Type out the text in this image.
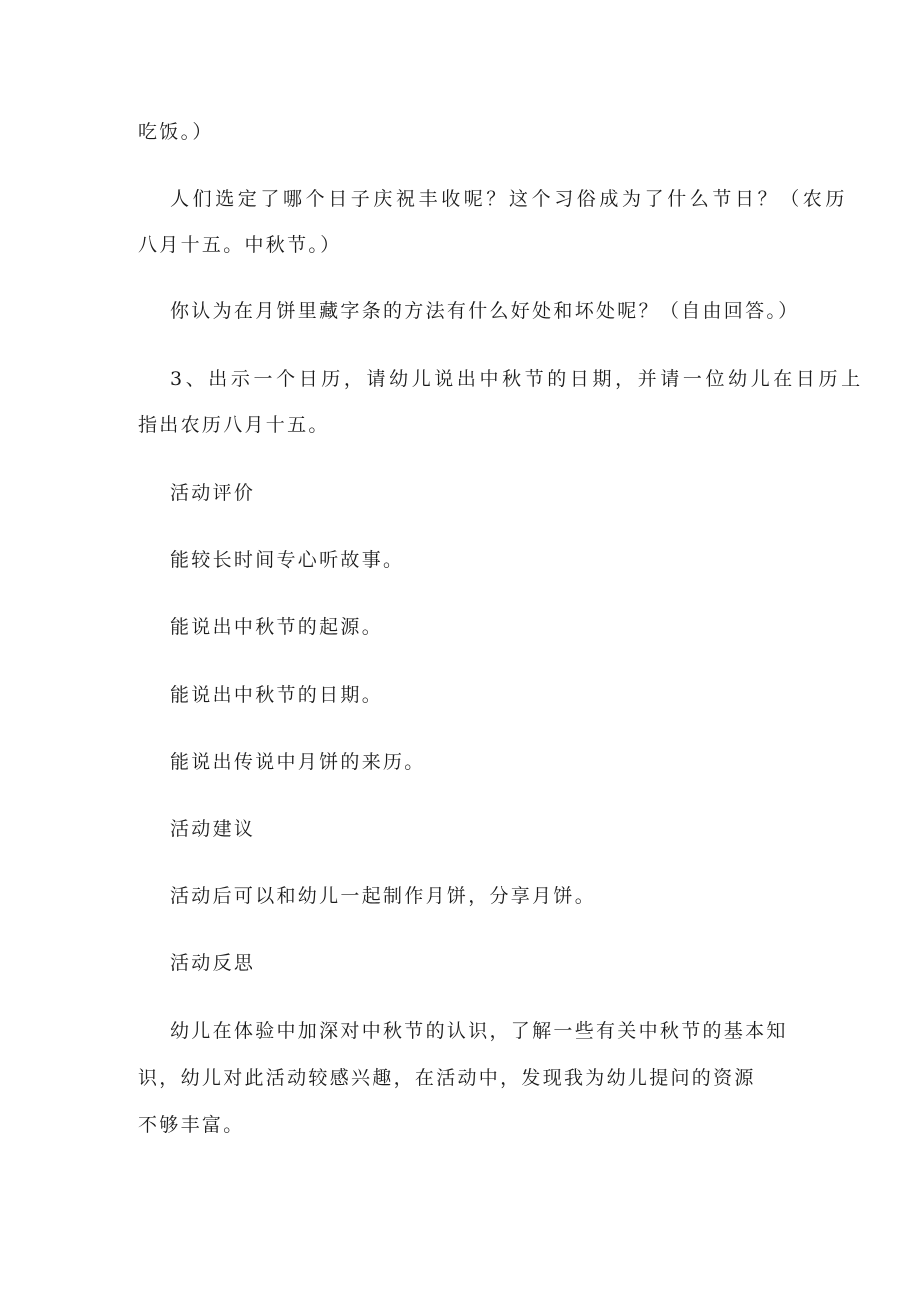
吃饭。）
人们选定了哪个日子庆祝丰收呢？这个习俗成为了什么节日？（农历
八月十五。中秋节。）
你认为在月饼里藏字条的方法有什么好处和坏处呢？（自由回答。）
3、出示一个日历，请幼儿说出中秋节的日期，并请一位幼儿在日历上
指出农历八月十五。
活动评价
能较长时间专心听故事。
能说出中秋节的起源。
能说出中秋节的日期。
能说出传说中月饼的来历。
活动建议
活动后可以和幼儿一起制作月饼，分享月饼。
活动反思
幼儿在体验中加深对中秋节的认识，了解一些有关中秋节的基本知
识，幼儿对此活动较感兴趣，在活动中，发现我为幼儿提问的资源
不够丰富。
